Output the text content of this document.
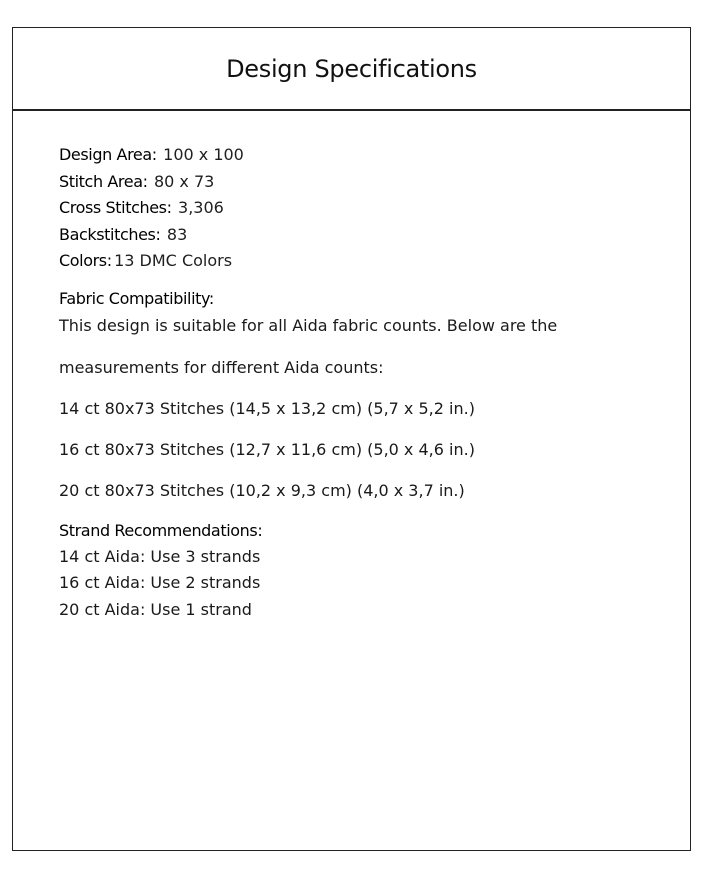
Design Specifications
Design Area: 100 x 100
Stitch Area: 80 x 73
Cross Stitches: 3,306
Backstitches: 83
Colors: 13 DMC Colors
Fabric Compatibility:
This design is suitable for all Aida fabric counts. Below are the
measurements for different Aida counts:
14 ct 80x73 Stitches (14,5 x 13,2 cm) (5,7 x 5,2 in.)
16 ct 80x73 Stitches (12,7 x 11,6 cm) (5,0 x 4,6 in.)
20 ct 80x73 Stitches (10,2 x 9,3 cm) (4,0 x 3,7 in.)
Strand Recommendations:
14 ct Aida: Use 3 strands
16 ct Aida: Use 2 strands
20 ct Aida: Use 1 strand
